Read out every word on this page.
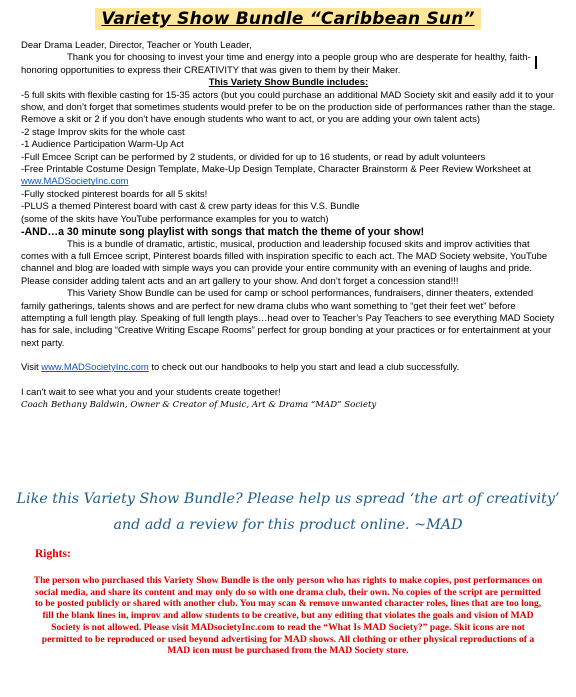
Variety Show Bundle “Caribbean Sun”

Dear Drama Leader, Director, Teacher or Youth Leader,

Thank you for choosing to invest your time and energy into a people group who are desperate for healthy, faith-honoring opportunities to express their CREATIVITY that was given to them by their Maker.

This Variety Show Bundle includes:

-5 full skits with flexible casting for 15-35 actors (but you could purchase an additional MAD Society skit and easily add it to your show, and don’t forget that sometimes students would prefer to be on the production side of performances rather than the stage. Remove a skit or 2 if you don’t have enough students who want to act, or you are adding your own talent acts)

-2 stage Improv skits for the whole cast

-1 Audience Participation Warm-Up Act

-Full Emcee Script can be performed by 2 students, or divided for up to 16 students, or read by adult volunteers

-Free Printable Costume Design Template, Make-Up Design Template, Character Brainstorm & Peer Review Worksheet at www.MADSocietyInc.com

-Fully stocked pinterest boards for all 5 skits!

-PLUS a themed Pinterest board with cast & crew party ideas for this V.S. Bundle

(some of the skits have YouTube performance examples for you to watch)

-AND…a 30 minute song playlist with songs that match the theme of your show!

This is a bundle of dramatic, artistic, musical, production and leadership focused skits and improv activities that comes with a full Emcee script, Pinterest boards filled with inspiration specific to each act. The MAD Society website, YouTube channel and blog are loaded with simple ways you can provide your entire community with an evening of laughs and pride. Please consider adding talent acts and an art gallery to your show. And don’t forget a concession stand!!!

This Variety Show Bundle can be used for camp or school performances, fundraisers, dinner theaters, extended family gatherings, talents shows and are perfect for new drama clubs who want something to “get their feet wet” before attempting a full length play. Speaking of full length plays…head over to Teacher’s Pay Teachers to see everything MAD Society has for sale, including “Creative Writing Escape Rooms” perfect for group bonding at your practices or for entertainment at your next party.

Visit www.MADSocietyInc.com to check out our handbooks to help you start and lead a club successfully.

I can’t wait to see what you and your students create together!

Coach Bethany Baldwin, Owner & Creator of Music, Art & Drama “MAD” Society

Like this Variety Show Bundle? Please help us spread ‘the art of creativity’
and add a review for this product online. ~MAD
Rights:
The person who purchased this Variety Show Bundle is the only person who has rights to make copies, post performances on social media, and share its content and may only do so with one drama club, their own. No copies of the script are permitted to be posted publicly or shared with another club. You may scan & remove unwanted character roles, lines that are too long, fill the blank lines in, improv and allow students to be creative, but any editing that violates the goals and vision of MAD Society is not allowed. Please visit MADsocietyInc.com to read the “What Is MAD Society?” page. Skit icons are not permitted to be reproduced or used beyond advertising for MAD shows. All clothing or other physical reproductions of a MAD icon must be purchased from the MAD Society store.
